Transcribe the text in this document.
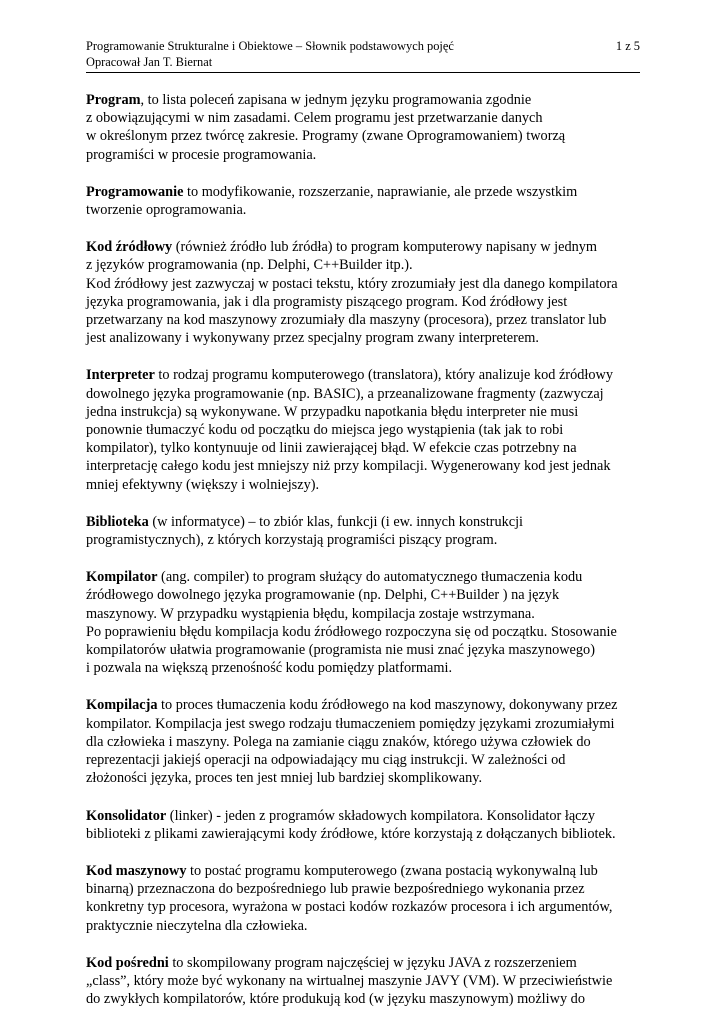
Programowanie Strukturalne i Obiektowe – Słownik podstawowych pojęć
Opracował Jan T. Biernat
1 z 5
Program, to lista poleceń zapisana w jednym języku programowania zgodnie
z obowiązującymi w nim zasadami. Celem programu jest przetwarzanie danych
w określonym przez twórcę zakresie. Programy (zwane Oprogramowaniem) tworzą
programiści w procesie programowania.
Programowanie to modyfikowanie, rozszerzanie, naprawianie, ale przede wszystkim
tworzenie oprogramowania.
Kod źródłowy (również źródło lub źródła) to program komputerowy napisany w jednym
z języków programowania (np. Delphi, C++Builder itp.).
Kod źródłowy jest zazwyczaj w postaci tekstu, który zrozumiały jest dla danego kompilatora
języka programowania, jak i dla programisty piszącego program. Kod źródłowy jest
przetwarzany na kod maszynowy zrozumiały dla maszyny (procesora), przez translator lub
jest analizowany i wykonywany przez specjalny program zwany interpreterem.
Interpreter to rodzaj programu komputerowego (translatora), który analizuje kod źródłowy
dowolnego języka programowanie (np. BASIC), a przeanalizowane fragmenty (zazwyczaj
jedna instrukcja) są wykonywane. W przypadku napotkania błędu interpreter nie musi
ponownie tłumaczyć kodu od początku do miejsca jego wystąpienia (tak jak to robi
kompilator), tylko kontynuuje od linii zawierającej błąd. W efekcie czas potrzebny na
interpretację całego kodu jest mniejszy niż przy kompilacji. Wygenerowany kod jest jednak
mniej efektywny (większy i wolniejszy).
Biblioteka (w informatyce) – to zbiór klas, funkcji (i ew. innych konstrukcji
programistycznych), z których korzystają programiści piszący program.
Kompilator (ang. compiler) to program służący do automatycznego tłumaczenia kodu
źródłowego dowolnego języka programowanie (np. Delphi, C++Builder ) na język
maszynowy. W przypadku wystąpienia błędu, kompilacja zostaje wstrzymana.
Po poprawieniu błędu kompilacja kodu źródłowego rozpoczyna się od początku. Stosowanie
kompilatorów ułatwia programowanie (programista nie musi znać języka maszynowego)
i pozwala na większą przenośność kodu pomiędzy platformami.
Kompilacja to proces tłumaczenia kodu źródłowego na kod maszynowy, dokonywany przez
kompilator. Kompilacja jest swego rodzaju tłumaczeniem pomiędzy językami zrozumiałymi
dla człowieka i maszyny. Polega na zamianie ciągu znaków, którego używa człowiek do
reprezentacji jakiejś operacji na odpowiadający mu ciąg instrukcji. W zależności od
złożoności języka, proces ten jest mniej lub bardziej skomplikowany.
Konsolidator (linker) - jeden z programów składowych kompilatora. Konsolidator łączy
biblioteki z plikami zawierającymi kody źródłowe, które korzystają z dołączanych bibliotek.
Kod maszynowy to postać programu komputerowego (zwana postacią wykonywalną lub
binarną) przeznaczona do bezpośredniego lub prawie bezpośredniego wykonania przez
konkretny typ procesora, wyrażona w postaci kodów rozkazów procesora i ich argumentów,
praktycznie nieczytelna dla człowieka.
Kod pośredni to skompilowany program najczęściej w języku JAVA z rozszerzeniem
„class”, który może być wykonany na wirtualnej maszynie JAVY (VM). W przeciwieństwie
do zwykłych kompilatorów, które produkują kod (w języku maszynowym) możliwy do
